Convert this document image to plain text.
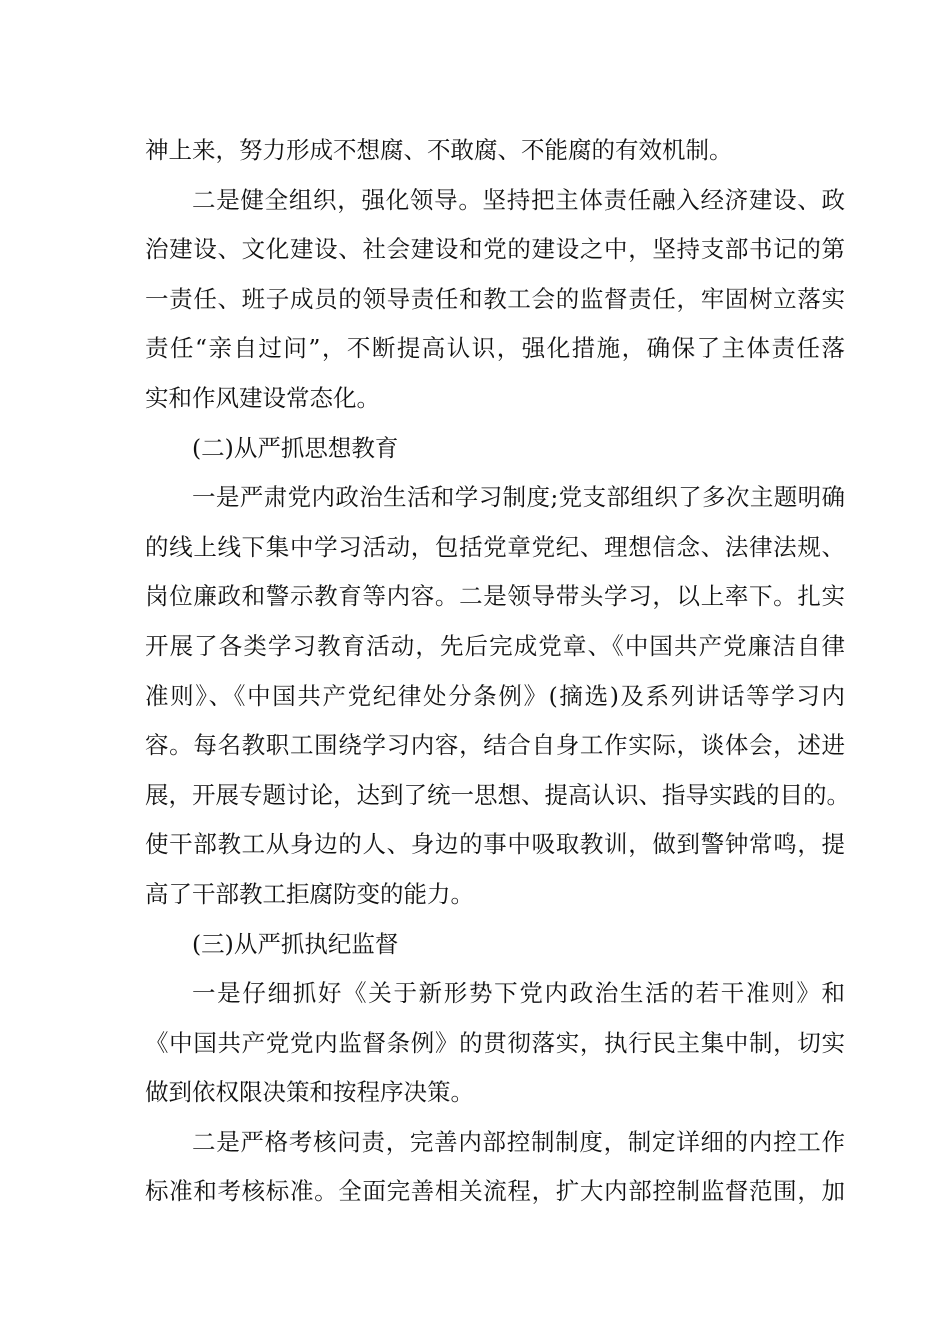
神上来，努力形成不想腐、不敢腐、不能腐的有效机制。
二是健全组织，强化领导。坚持把主体责任融入经济建设、政
治建设、文化建设、社会建设和党的建设之中，坚持支部书记的第
一责任、班子成员的领导责任和教工会的监督责任，牢固树立落实
责任“亲自过问”，不断提高认识，强化措施，确保了主体责任落
实和作风建设常态化。
(二)从严抓思想教育
一是严肃党内政治生活和学习制度;党支部组织了多次主题明确
的线上线下集中学习活动，包括党章党纪、理想信念、法律法规、
岗位廉政和警示教育等内容。二是领导带头学习，以上率下。扎实
开展了各类学习教育活动，先后完成党章、《中国共产党廉洁自律
准则》、《中国共产党纪律处分条例》(摘选)及系列讲话等学习内
容。每名教职工围绕学习内容，结合自身工作实际，谈体会，述进
展，开展专题讨论，达到了统一思想、提高认识、指导实践的目的。
使干部教工从身边的人、身边的事中吸取教训，做到警钟常鸣，提
高了干部教工拒腐防变的能力。
(三)从严抓执纪监督
一是仔细抓好《关于新形势下党内政治生活的若干准则》和
《中国共产党党内监督条例》的贯彻落实，执行民主集中制，切实
做到依权限决策和按程序决策。
二是严格考核问责，完善内部控制制度，制定详细的内控工作
标准和考核标准。全面完善相关流程，扩大内部控制监督范围，加
